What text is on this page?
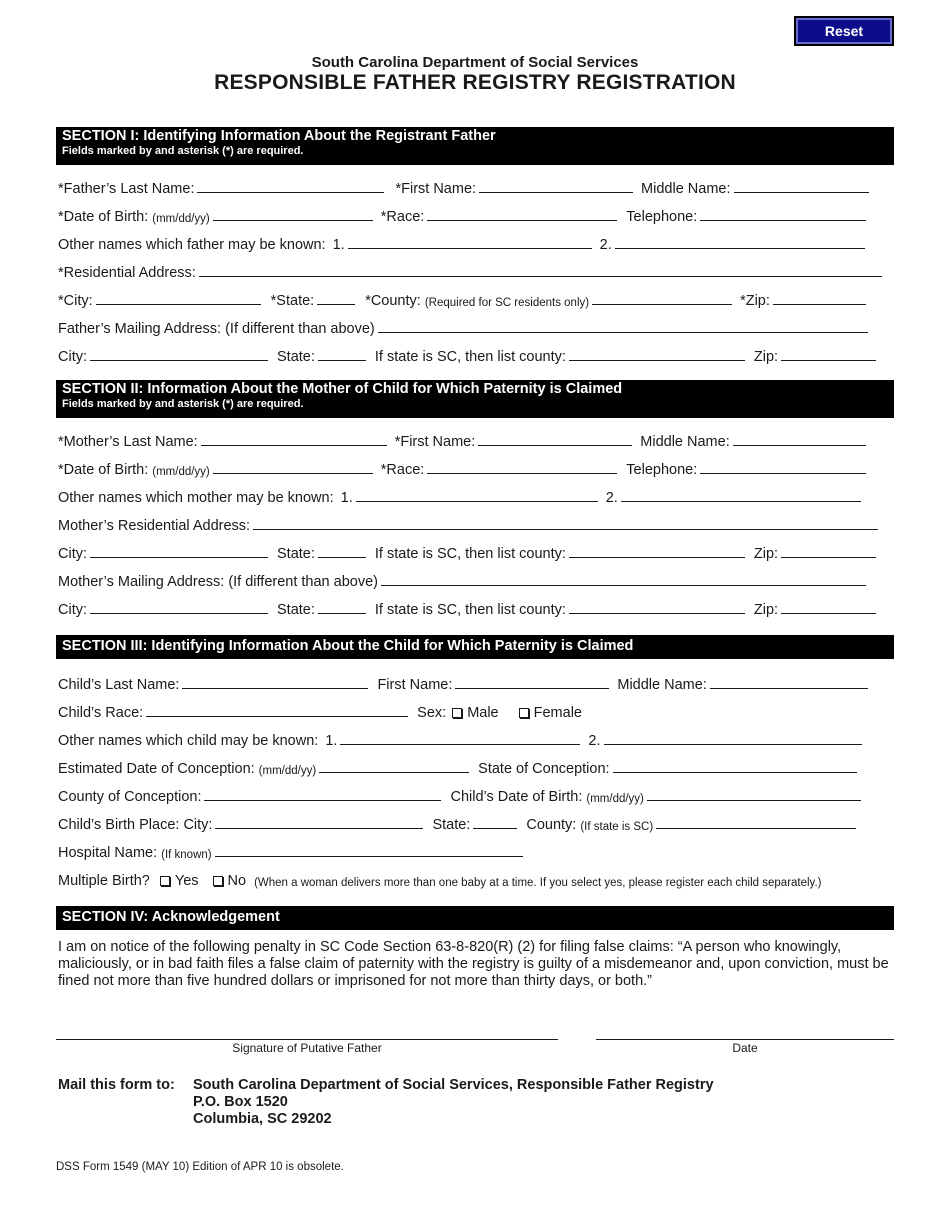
Reset
South Carolina Department of Social Services
RESPONSIBLE FATHER REGISTRY REGISTRATION
SECTION I: Identifying Information About the Registrant Father
Fields marked by and asterisk (*) are required.
*Father’s Last Name:	*First Name:	Middle Name:
*Date of Birth: (mm/dd/yy)	*Race:	Telephone:
Other names which father may be known: 1.	2.
*Residential Address:
*City:	*State:	*County: (Required for SC residents only)	*Zip:
Father’s Mailing Address: (If different than above)
City:	State:	If state is SC, then list county:	Zip:
SECTION II: Information About the Mother of Child for Which Paternity is Claimed
Fields marked by and asterisk (*) are required.
*Mother’s Last Name:	*First Name:	Middle Name:
*Date of Birth: (mm/dd/yy)	*Race:	Telephone:
Other names which mother may be known: 1.	2.
Mother’s Residential Address:
City:	State:	If state is SC, then list county:	Zip:
Mother’s Mailing Address: (If different than above)
City:	State:	If state is SC, then list county:	Zip:
SECTION III: Identifying Information About the Child for Which Paternity is Claimed
Child’s Last Name:	First Name:	Middle Name:
Child’s Race:	Sex: Male Female
Other names which child may be known: 1.	2.
Estimated Date of Conception: (mm/dd/yy)	State of Conception:
County of Conception:	Child’s Date of Birth: (mm/dd/yy)
Child’s Birth Place: City:	State:	County: (If state is SC)
Hospital Name: (If known)
Multiple Birth? Yes No (When a woman delivers more than one baby at a time. If you select yes, please register each child separately.)
SECTION IV: Acknowledgement
I am on notice of the following penalty in SC Code Section 63-8-820(R) (2) for filing false claims: “A person who knowingly, maliciously, or in bad faith files a false claim of paternity with the registry is guilty of a misdemeanor and, upon conviction, must be fined not more than five hundred dollars or imprisoned for not more than thirty days, or both.”
Signature of Putative Father	Date
Mail this form to:	South Carolina Department of Social Services, Responsible Father Registry
P.O. Box 1520
Columbia, SC 29202
DSS Form 1549 (MAY 10) Edition of APR 10 is obsolete.
